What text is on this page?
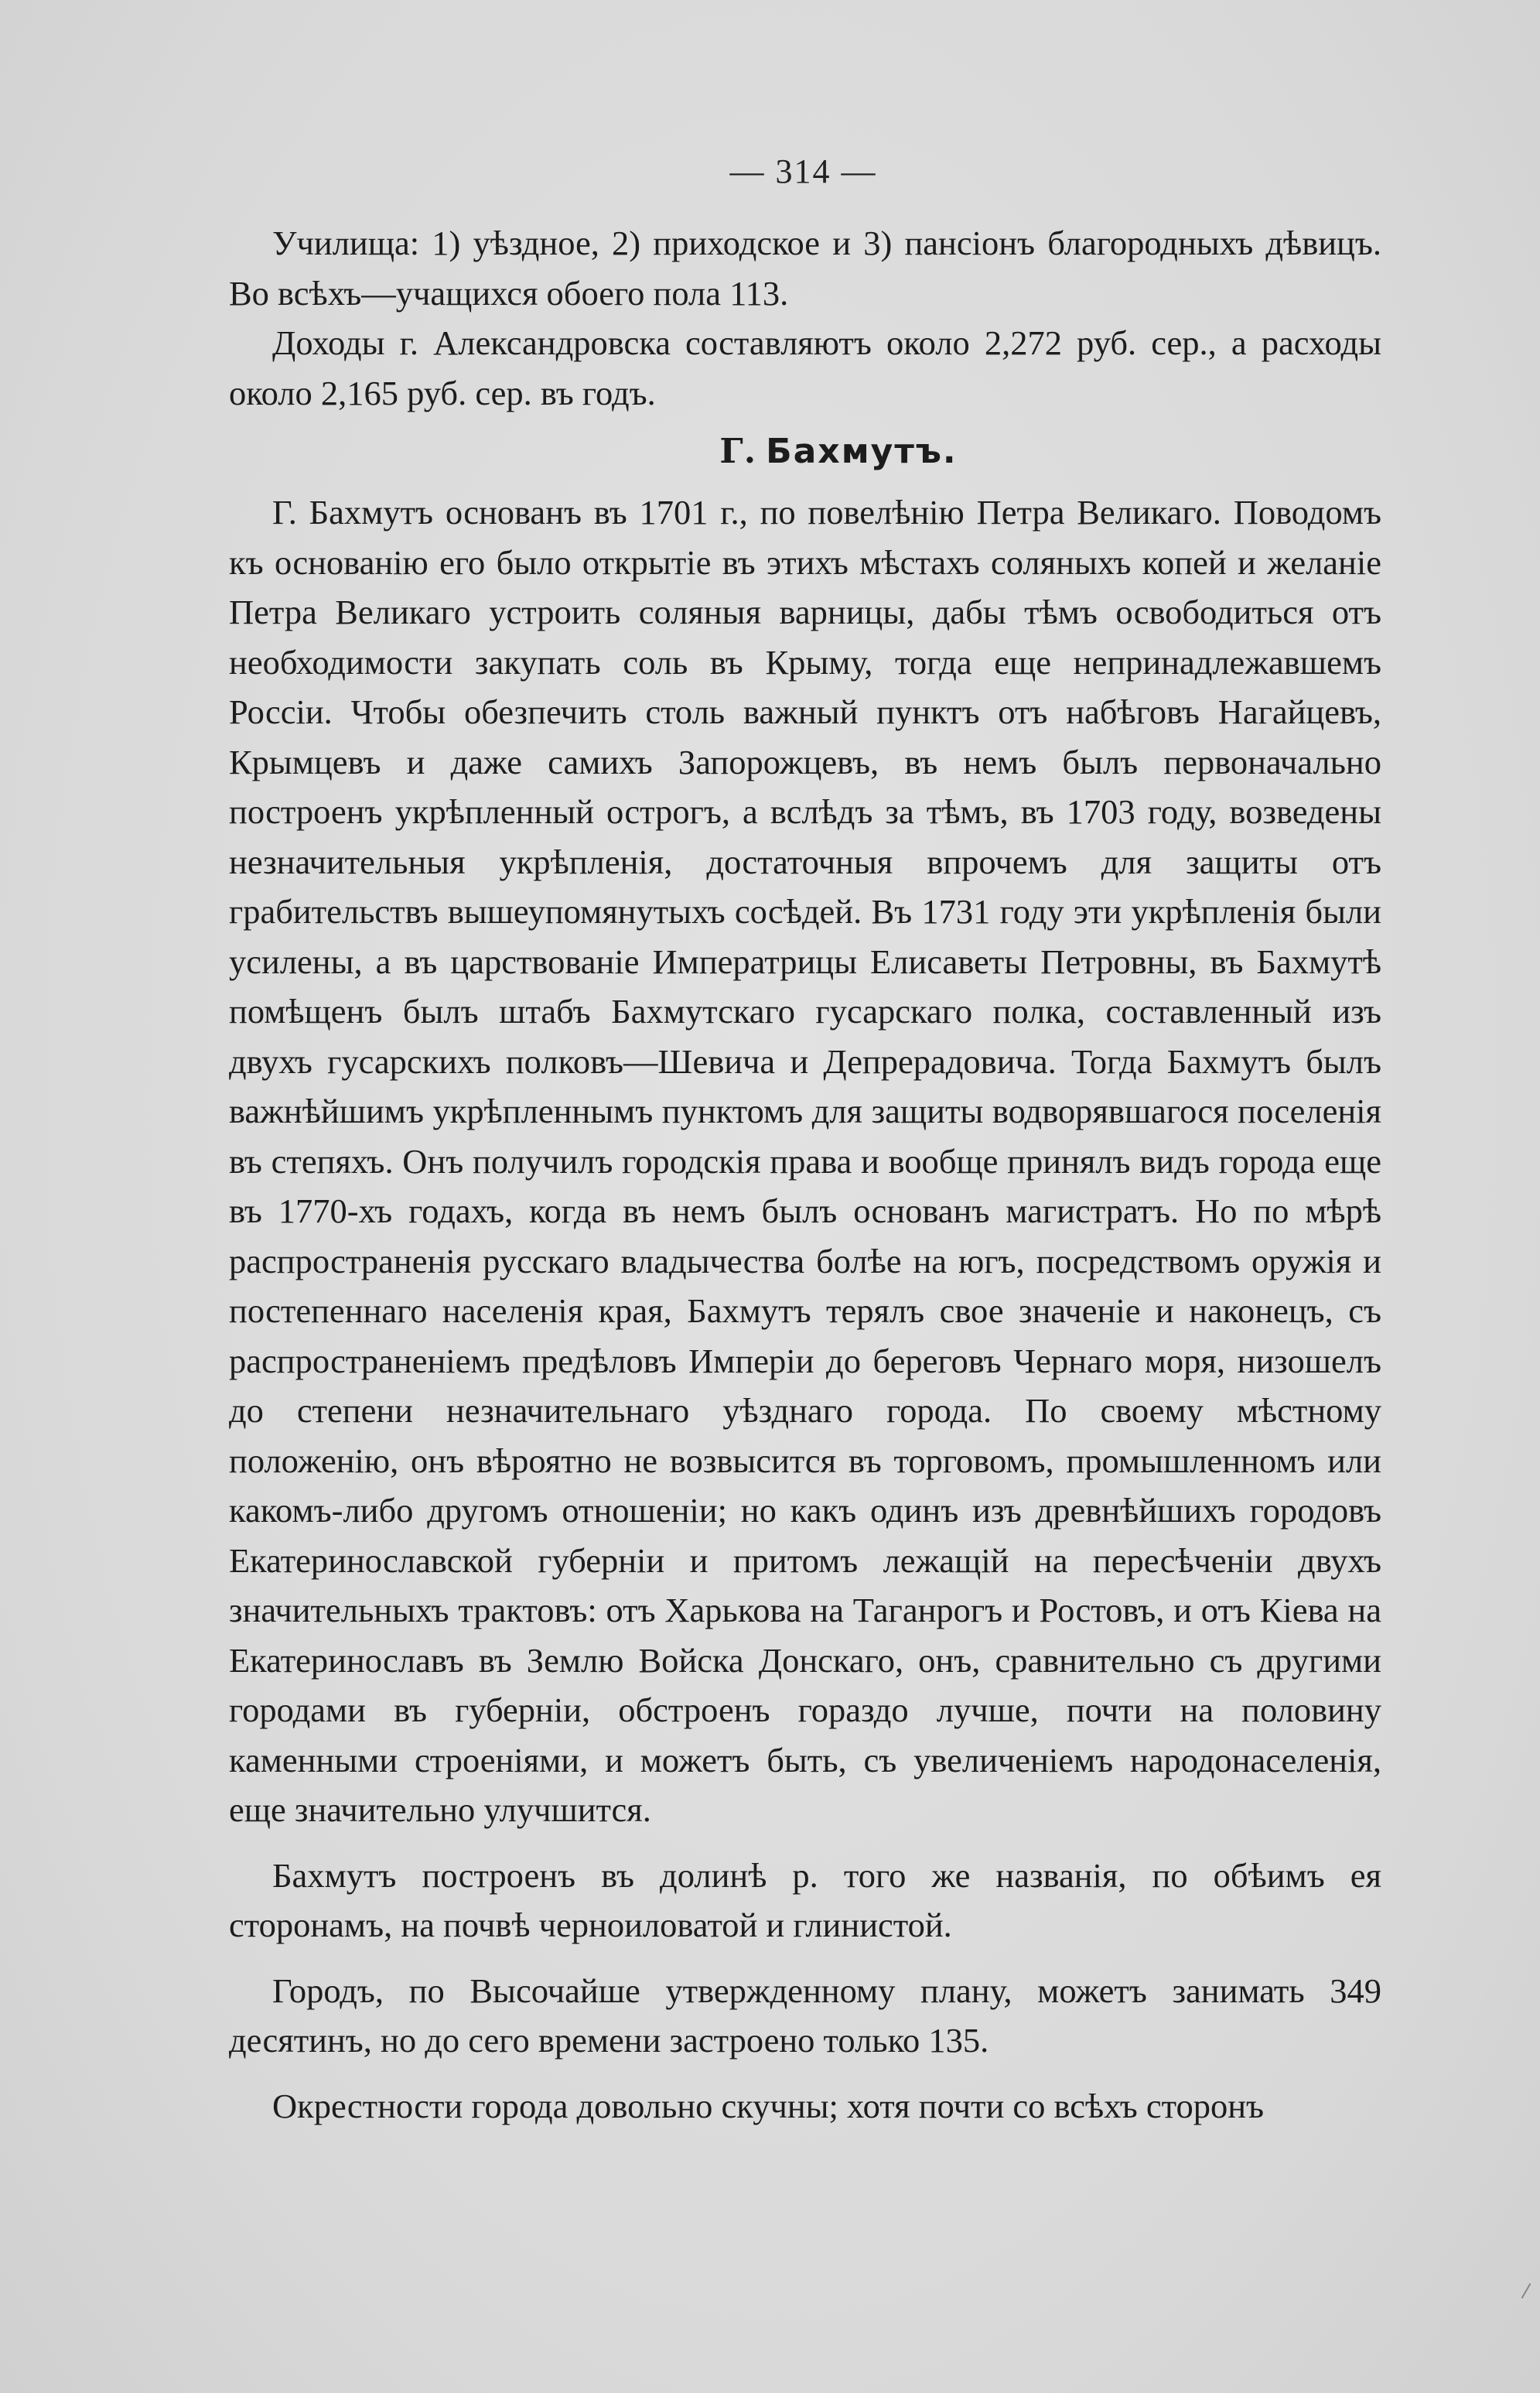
— 314 —

Училища: 1) уѣздное, 2) приходское и 3) пансіонъ благородныхъ дѣвицъ. Во всѣхъ—учащихся обоего пола 113.

Доходы г. Александровска составляютъ около 2,272 руб. сер., а расходы около 2,165 руб. сер. въ годъ.

Г. Бахмутъ.

Г. Бахмутъ основанъ въ 1701 г., по повелѣнію Петра Великаго. Поводомъ къ основанію его было открытіе въ этихъ мѣстахъ соляныхъ копей и желаніе Петра Великаго устроить соляныя варницы, дабы тѣмъ освободиться отъ необходимости закупать соль въ Крыму, тогда еще непринадлежавшемъ Россіи. Чтобы обезпечить столь важный пунктъ отъ набѣговъ Нагайцевъ, Крымцевъ и даже самихъ Запорожцевъ, въ немъ былъ первоначально построенъ укрѣпленный острогъ, а вслѣдъ за тѣмъ, въ 1703 году, возведены незначительныя укрѣпленія, достаточныя впрочемъ для защиты отъ грабительствъ вышеупомянутыхъ сосѣдей. Въ 1731 году эти укрѣпленія были усилены, а въ царствованіе Императрицы Елисаветы Петровны, въ Бахмутѣ помѣщенъ былъ штабъ Бахмутскаго гусарскаго полка, составленный изъ двухъ гусарскихъ полковъ—Шевича и Депрерадовича. Тогда Бахмутъ былъ важнѣйшимъ укрѣпленнымъ пунктомъ для защиты водворявшагося поселенія въ степяхъ. Онъ получилъ городскія права и вообще принялъ видъ города еще въ 1770-хъ годахъ, когда въ немъ былъ основанъ магистратъ. Но по мѣрѣ распространенія русскаго владычества болѣе на югъ, посредствомъ оружія и постепеннаго населенія края, Бахмутъ терялъ свое значеніе и наконецъ, съ распространеніемъ предѣловъ Имперіи до береговъ Чернаго моря, низошелъ до степени незначительнаго уѣзднаго города. По своему мѣстному положенію, онъ вѣроятно не возвысится въ торговомъ, промышленномъ или какомъ-либо другомъ отношеніи; но какъ одинъ изъ древнѣйшихъ городовъ Екатеринославской губерніи и притомъ лежащій на пересѣченіи двухъ значительныхъ трактовъ: отъ Харькова на Таганрогъ и Ростовъ, и отъ Кіева на Екатеринославъ въ Землю Войска Донскаго, онъ, сравнительно съ другими городами въ губерніи, обстроенъ гораздо лучше, почти на половину каменными строеніями, и можетъ быть, съ увеличеніемъ народонаселенія, еще значительно улучшится.

Бахмутъ построенъ въ долинѣ р. того же названія, по обѣимъ ея сторонамъ, на почвѣ черноиловатой и глинистой.

Городъ, по Высочайше утвержденному плану, можетъ занимать 349 десятинъ, но до сего времени застроено только 135.

Окрестности города довольно скучны; хотя почти со всѣхъ сторонъ
